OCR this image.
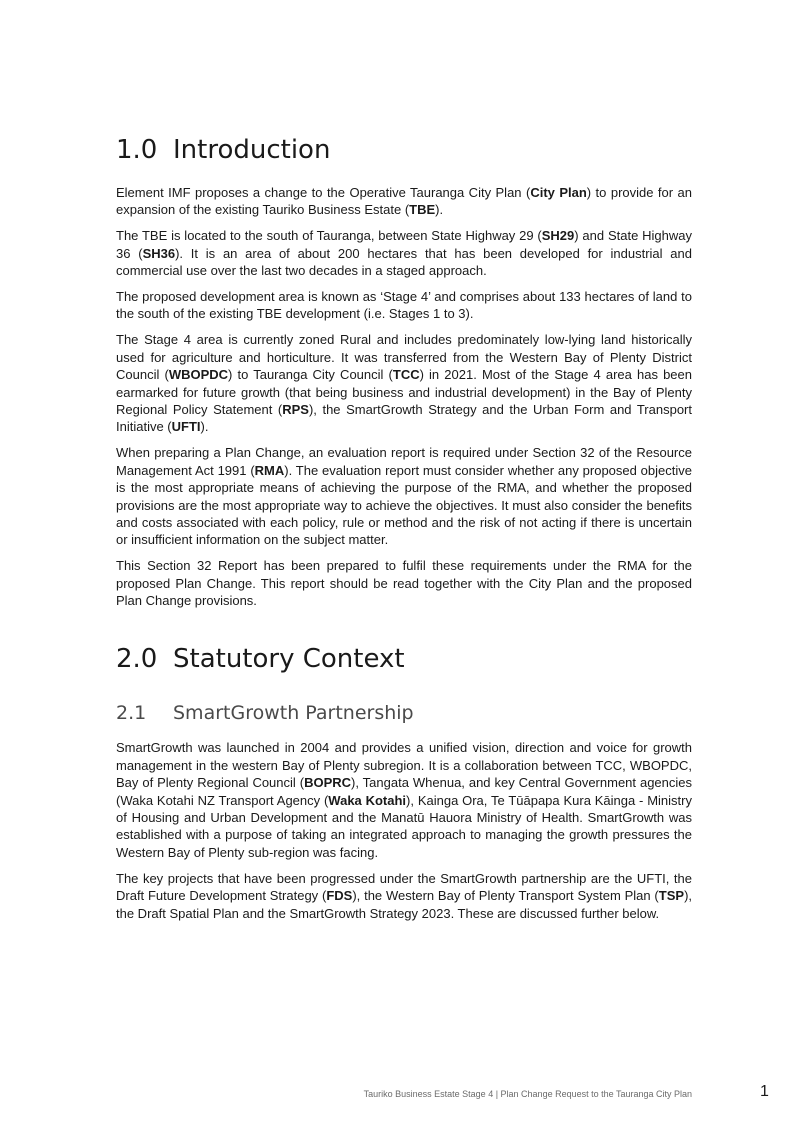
1.0 Introduction

Element IMF proposes a change to the Operative Tauranga City Plan (City Plan) to provide for an expansion of the existing Tauriko Business Estate (TBE).

The TBE is located to the south of Tauranga, between State Highway 29 (SH29) and State Highway 36 (SH36). It is an area of about 200 hectares that has been developed for industrial and commercial use over the last two decades in a staged approach.

The proposed development area is known as ‘Stage 4’ and comprises about 133 hectares of land to the south of the existing TBE development (i.e. Stages 1 to 3).

The Stage 4 area is currently zoned Rural and includes predominately low-lying land historically used for agriculture and horticulture. It was transferred from the Western Bay of Plenty District Council (WBOPDC) to Tauranga City Council (TCC) in 2021. Most of the Stage 4 area has been earmarked for future growth (that being business and industrial development) in the Bay of Plenty Regional Policy Statement (RPS), the SmartGrowth Strategy and the Urban Form and Transport Initiative (UFTI).

When preparing a Plan Change, an evaluation report is required under Section 32 of the Resource Management Act 1991 (RMA). The evaluation report must consider whether any proposed objective is the most appropriate means of achieving the purpose of the RMA, and whether the proposed provisions are the most appropriate way to achieve the objectives. It must also consider the benefits and costs associated with each policy, rule or method and the risk of not acting if there is uncertain or insufficient information on the subject matter.

This Section 32 Report has been prepared to fulfil these requirements under the RMA for the proposed Plan Change. This report should be read together with the City Plan and the proposed Plan Change provisions.

2.0 Statutory Context
2.1 SmartGrowth Partnership

SmartGrowth was launched in 2004 and provides a unified vision, direction and voice for growth management in the western Bay of Plenty subregion. It is a collaboration between TCC, WBOPDC, Bay of Plenty Regional Council (BOPRC), Tangata Whenua, and key Central Government agencies (Waka Kotahi NZ Transport Agency (Waka Kotahi), Kainga Ora, Te Tūāpapa Kura Kāinga - Ministry of Housing and Urban Development and the Manatū Hauora Ministry of Health. SmartGrowth was established with a purpose of taking an integrated approach to managing the growth pressures the Western Bay of Plenty sub-region was facing.

The key projects that have been progressed under the SmartGrowth partnership are the UFTI, the Draft Future Development Strategy (FDS), the Western Bay of Plenty Transport System Plan (TSP), the Draft Spatial Plan and the SmartGrowth Strategy 2023. These are discussed further below.

Tauriko Business Estate Stage 4 | Plan Change Request to the Tauranga City Plan	1
